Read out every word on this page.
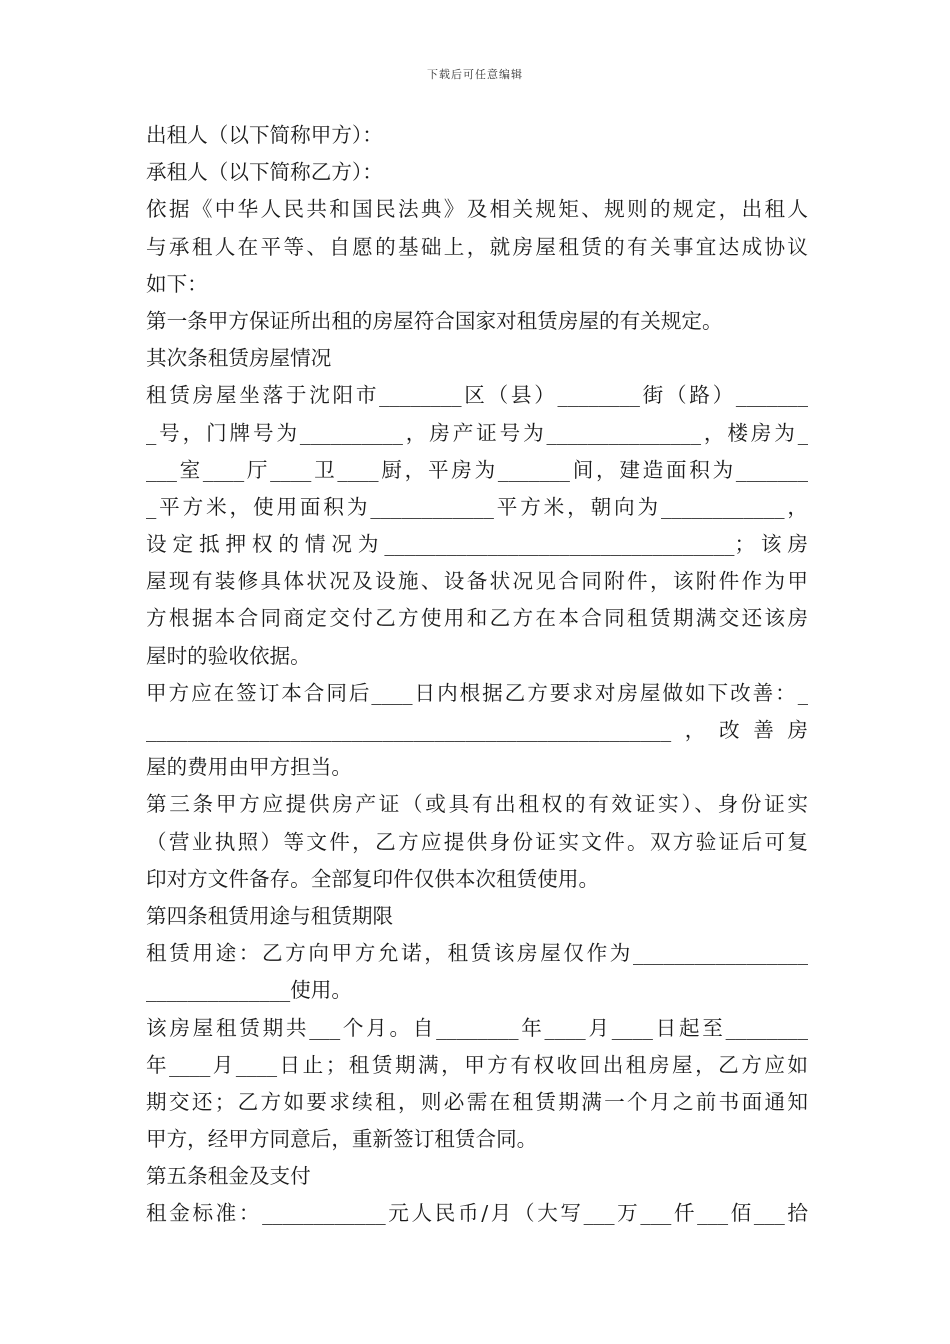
下载后可任意编辑
出租人（以下简称甲方）：
承租人（以下简称乙方）：
依据《中华人民共和国民法典》及相关规矩、规则的规定，出租人
与承租人在平等、自愿的基础上，就房屋租赁的有关事宜达成协议
如下：
第一条甲方保证所出租的房屋符合国家对租赁房屋的有关规定。
其次条租赁房屋情况
租赁房屋坐落于沈阳市________区（县）________街（路）_______
_号，门牌号为__________，房产证号为_______________，楼房为_
___室____厅____卫____厨，平房为_______间，建造面积为_______
_平方米，使用面积为____________平方米，朝向为____________，
设定抵押权的情况为__________________________________；该房
屋现有装修具体状况及设施、设备状况见合同附件，该附件作为甲
方根据本合同商定交付乙方使用和乙方在本合同租赁期满交还该房
屋时的验收依据。
甲方应在签订本合同后____日内根据乙方要求对房屋做如下改善：_
___________________________________________________，改善房
屋的费用由甲方担当。
第三条甲方应提供房产证（或具有出租权的有效证实）、身份证实
（营业执照）等文件，乙方应提供身份证实文件。双方验证后可复
印对方文件备存。全部复印件仅供本次租赁使用。
第四条租赁用途与租赁期限
租赁用途：乙方向甲方允诺，租赁该房屋仅作为_________________
______________使用。
该房屋租赁期共___个月。自________年____月____日起至________
年____月____日止；租赁期满，甲方有权收回出租房屋，乙方应如
期交还；乙方如要求续租，则必需在租赁期满一个月之前书面通知
甲方，经甲方同意后，重新签订租赁合同。
第五条租金及支付
租金标准：____________元人民币/月（大写___万___仟___佰___拾
